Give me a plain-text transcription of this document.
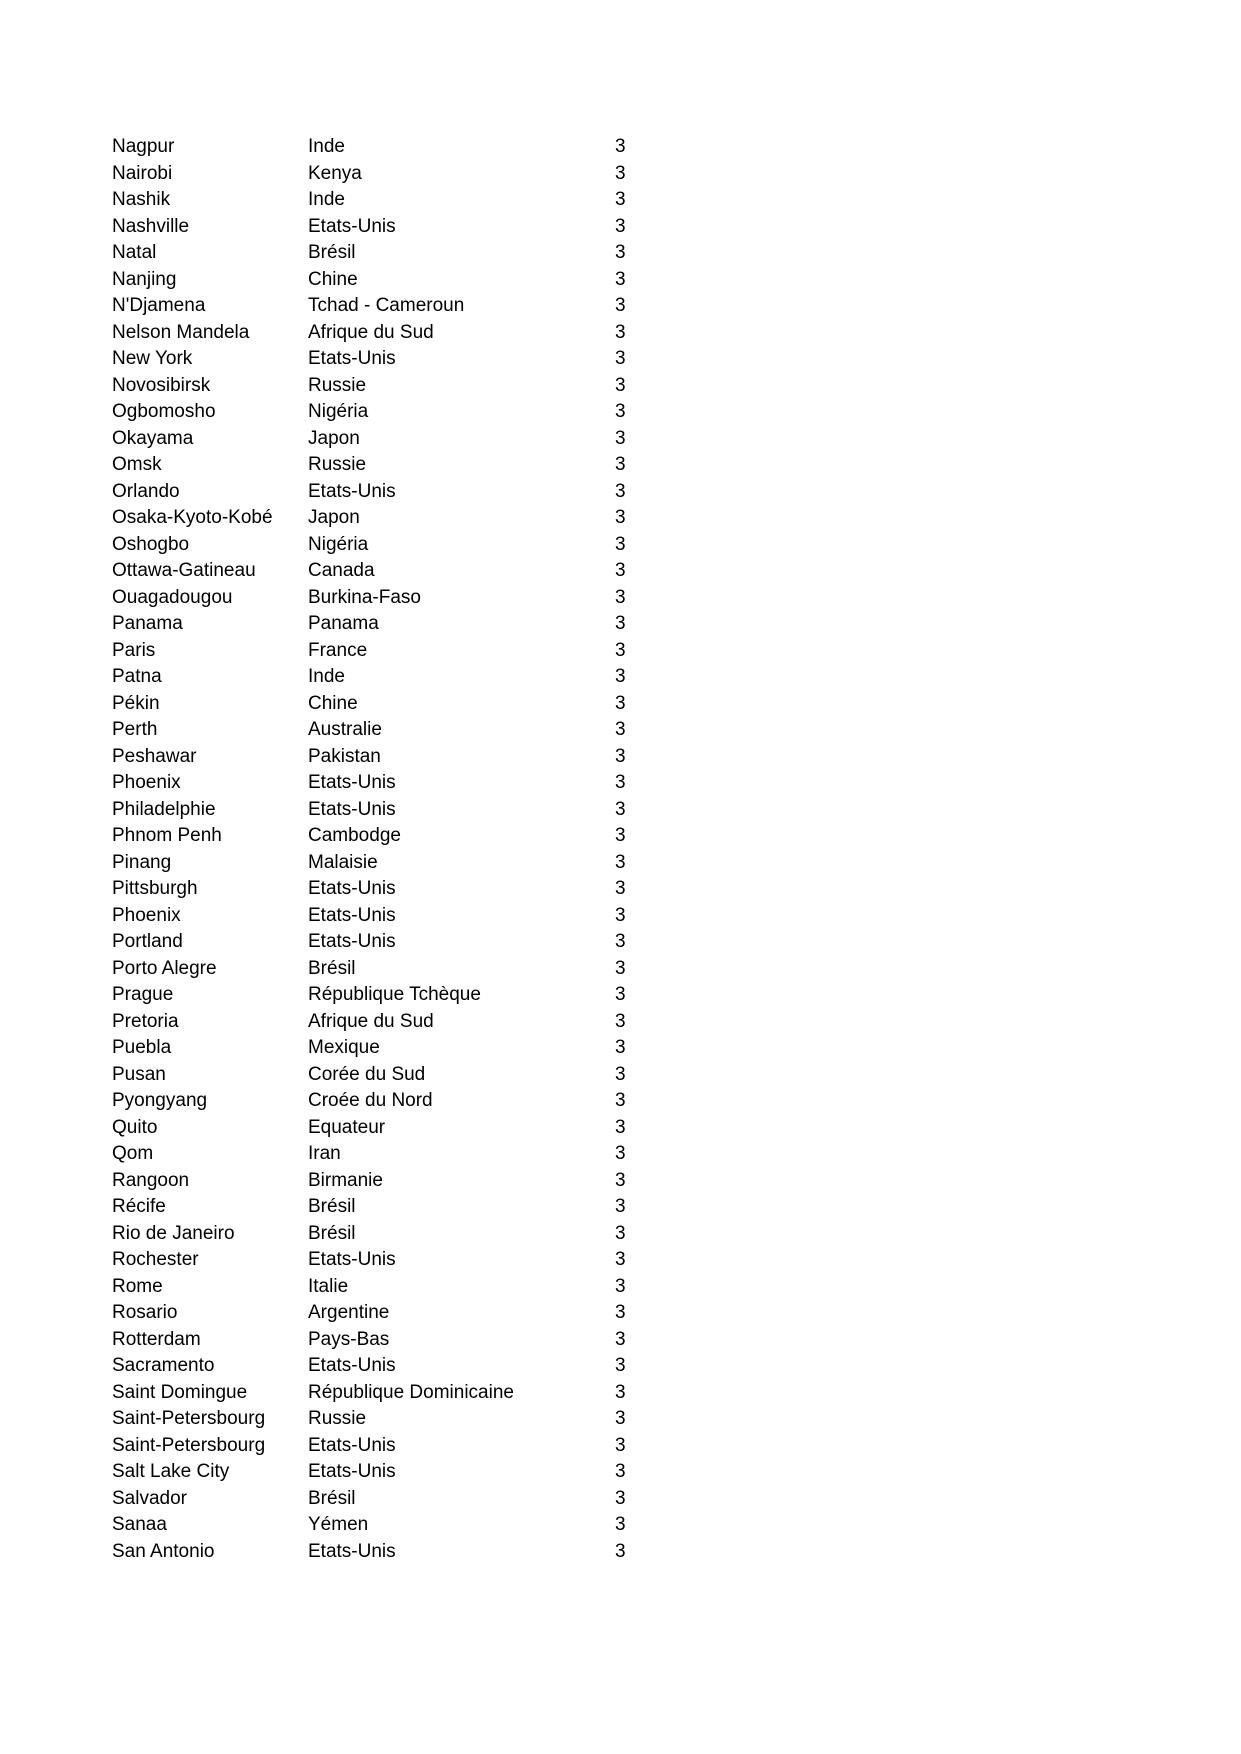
Nagpur	Inde	3
Nairobi	Kenya	3
Nashik	Inde	3
Nashville	Etats-Unis	3
Natal	Brésil	3
Nanjing	Chine	3
N'Djamena	Tchad - Cameroun	3
Nelson Mandela	Afrique du Sud	3
New York	Etats-Unis	3
Novosibirsk	Russie	3
Ogbomosho	Nigéria	3
Okayama	Japon	3
Omsk	Russie	3
Orlando	Etats-Unis	3
Osaka-Kyoto-Kobé	Japon	3
Oshogbo	Nigéria	3
Ottawa-Gatineau	Canada	3
Ouagadougou	Burkina-Faso	3
Panama	Panama	3
Paris	France	3
Patna	Inde	3
Pékin	Chine	3
Perth	Australie	3
Peshawar	Pakistan	3
Phoenix	Etats-Unis	3
Philadelphie	Etats-Unis	3
Phnom Penh	Cambodge	3
Pinang	Malaisie	3
Pittsburgh	Etats-Unis	3
Phoenix	Etats-Unis	3
Portland	Etats-Unis	3
Porto Alegre	Brésil	3
Prague	République Tchèque	3
Pretoria	Afrique du Sud	3
Puebla	Mexique	3
Pusan	Corée du Sud	3
Pyongyang	Croée du Nord	3
Quito	Equateur	3
Qom	Iran	3
Rangoon	Birmanie	3
Récife	Brésil	3
Rio de Janeiro	Brésil	3
Rochester	Etats-Unis	3
Rome	Italie	3
Rosario	Argentine	3
Rotterdam	Pays-Bas	3
Sacramento	Etats-Unis	3
Saint Domingue	République Dominicaine	3
Saint-Petersbourg	Russie	3
Saint-Petersbourg	Etats-Unis	3
Salt Lake City	Etats-Unis	3
Salvador	Brésil	3
Sanaa	Yémen	3
San Antonio	Etats-Unis	3
